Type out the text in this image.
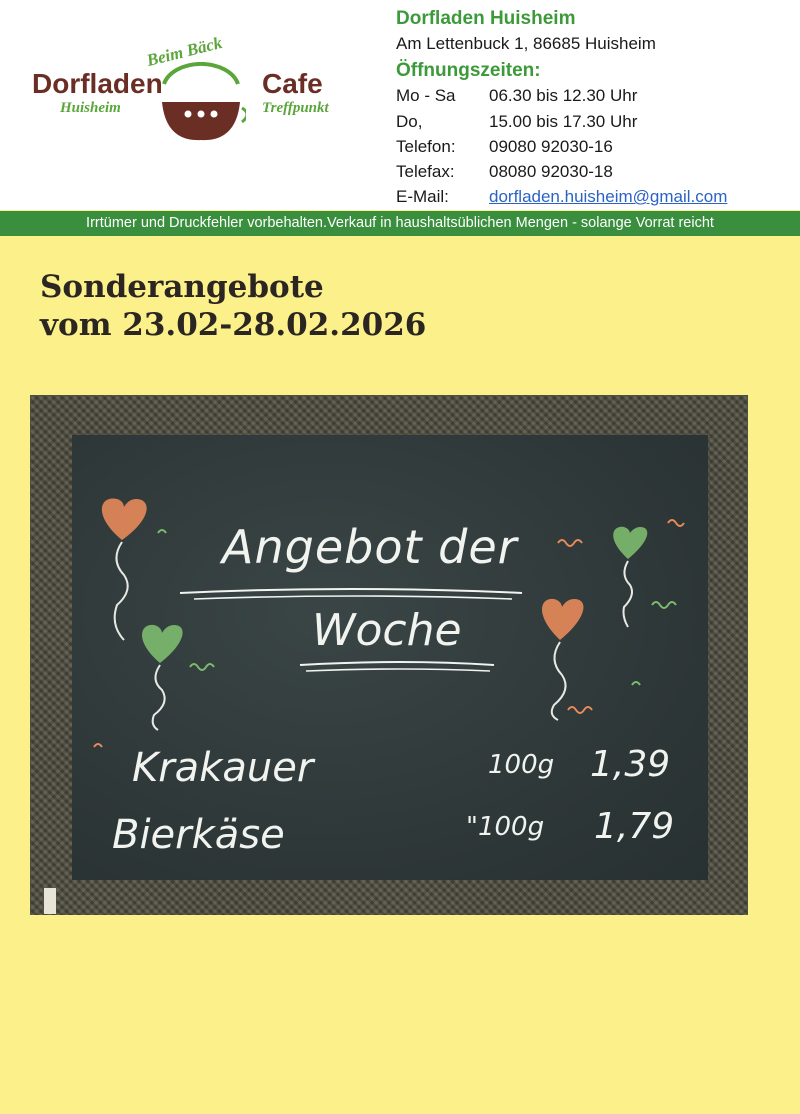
Beim Bäck
Dorfladen	Cafe
Huisheim	Treffpunkt
Dorfladen Huisheim
Am Lettenbuck 1, 86685 Huisheim
Öffnungszeiten:
Mo - Sa 06.30 bis 12.30 Uhr
Do,	15.00 bis 17.30 Uhr
Telefon: 09080 92030-16
Telefax: 08080 92030-18
E-Mail: dorfladen.huisheim@gmail.com
Irrtümer und Druckfehler vorbehalten.Verkauf in haushaltsüblichen Mengen - solange Vorrat reicht
Sonderangebote
vom 23.02-28.02.2026
Angebot der
Woche
Krakauer	100g 1,39
Bierkäse	"100g 1,79
